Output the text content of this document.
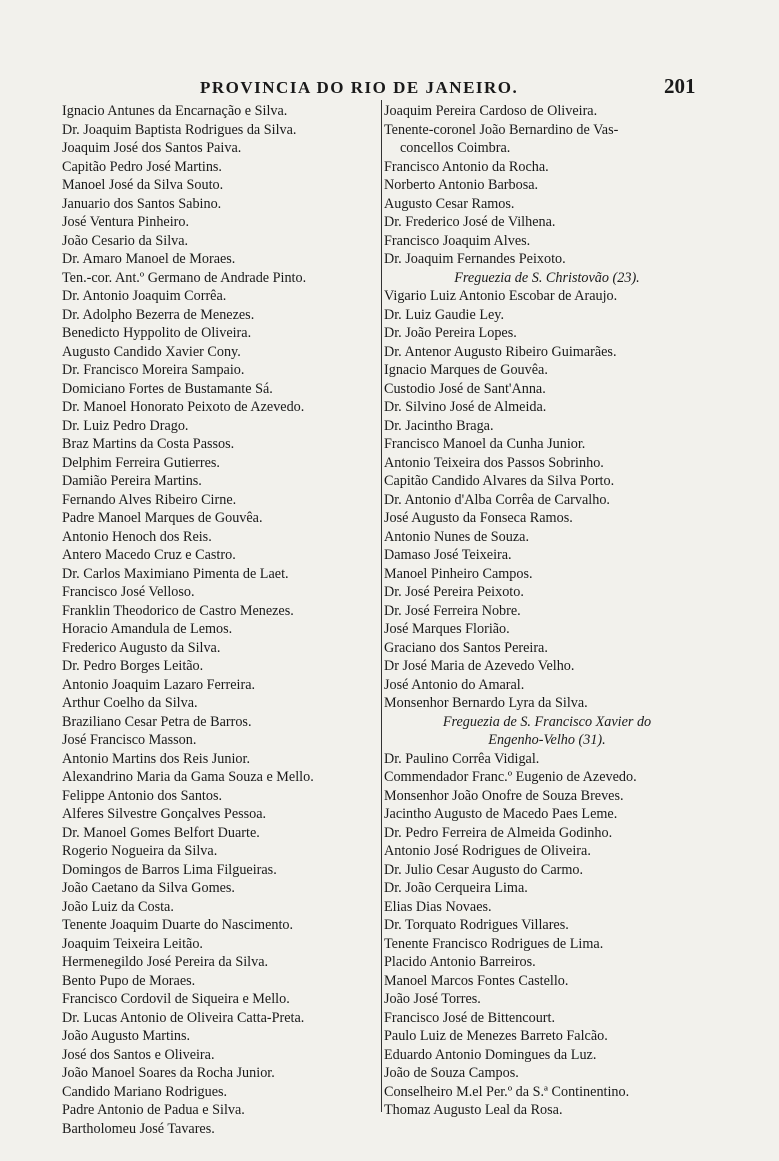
PROVINCIA DO RIO DE JANEIRO.	201
Ignacio Antunes da Encarnação e Silva.
Dr. Joaquim Baptista Rodrigues da Silva.
Joaquim José dos Santos Paiva.
Capitão Pedro José Martins.
Manoel José da Silva Souto.
Januario dos Santos Sabino.
José Ventura Pinheiro.
João Cesario da Silva.
Dr. Amaro Manoel de Moraes.
Ten.-cor. Ant.º Germano de Andrade Pinto.
Dr. Antonio Joaquim Corrêa.
Dr. Adolpho Bezerra de Menezes.
Benedicto Hyppolito de Oliveira.
Augusto Candido Xavier Cony.
Dr. Francisco Moreira Sampaio.
Domiciano Fortes de Bustamante Sá.
Dr. Manoel Honorato Peixoto de Azevedo.
Dr. Luiz Pedro Drago.
Braz Martins da Costa Passos.
Delphim Ferreira Gutierres.
Damião Pereira Martins.
Fernando Alves Ribeiro Cirne.
Padre Manoel Marques de Gouvêa.
Antonio Henoch dos Reis.
Antero Macedo Cruz e Castro.
Dr. Carlos Maximiano Pimenta de Laet.
Francisco José Velloso.
Franklin Theodorico de Castro Menezes.
Horacio Amandula de Lemos.
Frederico Augusto da Silva.
Dr. Pedro Borges Leitão.
Antonio Joaquim Lazaro Ferreira.
Arthur Coelho da Silva.
Braziliano Cesar Petra de Barros.
José Francisco Masson.
Antonio Martins dos Reis Junior.
Alexandrino Maria da Gama Souza e Mello.
Felippe Antonio dos Santos.
Alferes Silvestre Gonçalves Pessoa.
Dr. Manoel Gomes Belfort Duarte.
Rogerio Nogueira da Silva.
Domingos de Barros Lima Filgueiras.
João Caetano da Silva Gomes.
João Luiz da Costa.
Tenente Joaquim Duarte do Nascimento.
Joaquim Teixeira Leitão.
Hermenegildo José Pereira da Silva.
Bento Pupo de Moraes.
Francisco Cordovil de Siqueira e Mello.
Dr. Lucas Antonio de Oliveira Catta-Preta.
João Augusto Martins.
José dos Santos e Oliveira.
João Manoel Soares da Rocha Junior.
Candido Mariano Rodrigues.
Padre Antonio de Padua e Silva.
Bartholomeu José Tavares.
Joaquim Pereira Cardoso de Oliveira.
Tenente-coronel João Bernardino de Vas-
concellos Coimbra.
Francisco Antonio da Rocha.
Norberto Antonio Barbosa.
Augusto Cesar Ramos.
Dr. Frederico José de Vilhena.
Francisco Joaquim Alves.
Dr. Joaquim Fernandes Peixoto.
Freguezia de S. Christovão (23).
Vigario Luiz Antonio Escobar de Araujo.
Dr. Luiz Gaudie Ley.
Dr. João Pereira Lopes.
Dr. Antenor Augusto Ribeiro Guimarães.
Ignacio Marques de Gouvêa.
Custodio José de Sant'Anna.
Dr. Silvino José de Almeida.
Dr. Jacintho Braga.
Francisco Manoel da Cunha Junior.
Antonio Teixeira dos Passos Sobrinho.
Capitão Candido Alvares da Silva Porto.
Dr. Antonio d'Alba Corrêa de Carvalho.
José Augusto da Fonseca Ramos.
Antonio Nunes de Souza.
Damaso José Teixeira.
Manoel Pinheiro Campos.
Dr. José Pereira Peixoto.
Dr. José Ferreira Nobre.
José Marques Florião.
Graciano dos Santos Pereira.
Dr José Maria de Azevedo Velho.
José Antonio do Amaral.
Monsenhor Bernardo Lyra da Silva.
Freguezia de S. Francisco Xavier do
Engenho-Velho (31).
Dr. Paulino Corrêa Vidigal.
Commendador Franc.º Eugenio de Azevedo.
Monsenhor João Onofre de Souza Breves.
Jacintho Augusto de Macedo Paes Leme.
Dr. Pedro Ferreira de Almeida Godinho.
Antonio José Rodrigues de Oliveira.
Dr. Julio Cesar Augusto do Carmo.
Dr. João Cerqueira Lima.
Elias Dias Novaes.
Dr. Torquato Rodrigues Villares.
Tenente Francisco Rodrigues de Lima.
Placido Antonio Barreiros.
Manoel Marcos Fontes Castello.
João José Torres.
Francisco José de Bittencourt.
Paulo Luiz de Menezes Barreto Falcão.
Eduardo Antonio Domingues da Luz.
João de Souza Campos.
Conselheiro M.el Per.º da S.ª Continentino.
Thomaz Augusto Leal da Rosa.
